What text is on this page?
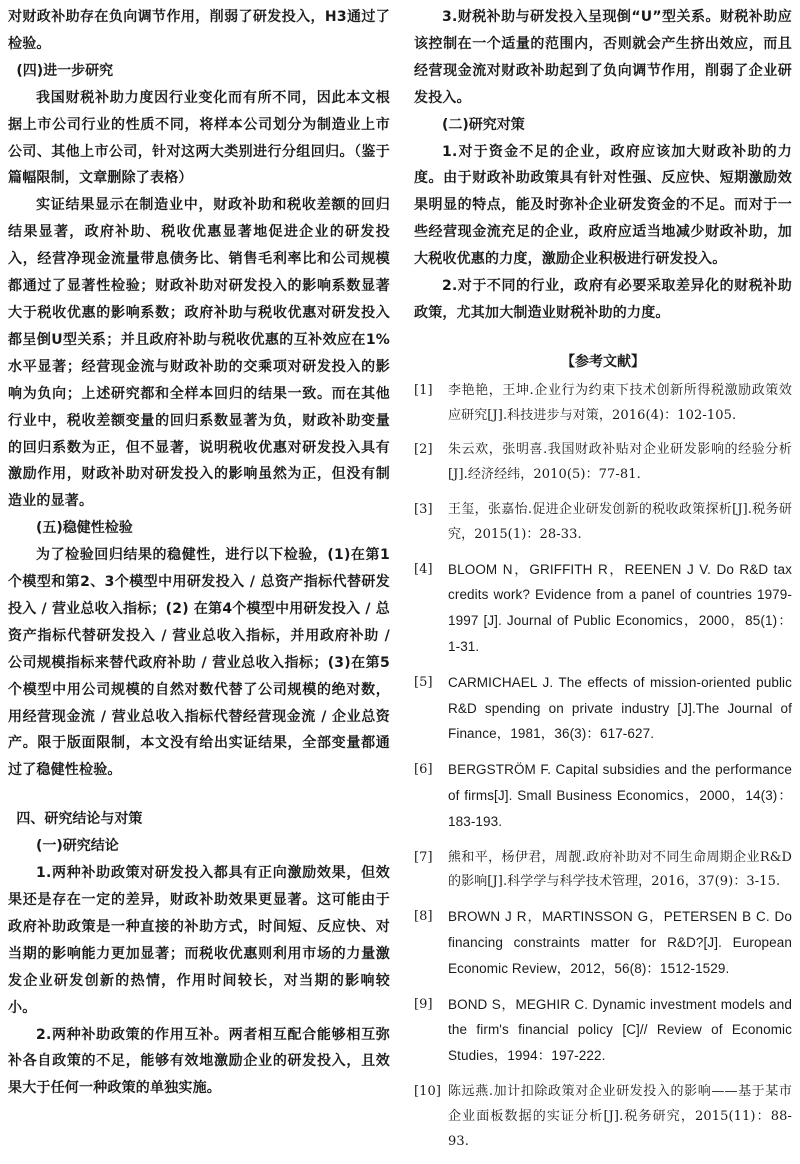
对财政补助存在负向调节作用，削弱了研发投入，H3通过了检验。

(四)进一步研究

我国财税补助力度因行业变化而有所不同，因此本文根据上市公司行业的性质不同，将样本公司划分为制造业上市公司、其他上市公司，针对这两大类别进行分组回归。（鉴于篇幅限制，文章删除了表格）

实证结果显示在制造业中，财政补助和税收差额的回归结果显著，政府补助、税收优惠显著地促进企业的研发投入，经营净现金流量带息债务比、销售毛利率比和公司规模都通过了显著性检验；财政补助对研发投入的影响系数显著大于税收优惠的影响系数；政府补助与税收优惠对研发投入都呈倒U型关系；并且政府补助与税收优惠的互补效应在1%水平显著；经营现金流与财政补助的交乘项对研发投入的影响为负向；上述研究都和全样本回归的结果一致。而在其他行业中，税收差额变量的回归系数显著为负，财政补助变量的回归系数为正，但不显著，说明税收优惠对研发投入具有激励作用，财政补助对研发投入的影响虽然为正，但没有制造业的显著。

(五)稳健性检验

为了检验回归结果的稳健性，进行以下检验，(1)在第1个模型和第2、3个模型中用研发投入 / 总资产指标代替研发投入 / 营业总收入指标；(2) 在第4个模型中用研发投入 / 总资产指标代替研发投入 / 营业总收入指标，并用政府补助 / 公司规模指标来替代政府补助 / 营业总收入指标；(3)在第5个模型中用公司规模的自然对数代替了公司规模的绝对数，用经营现金流 / 营业总收入指标代替经营现金流 / 企业总资产。限于版面限制，本文没有给出实证结果，全部变量都通过了稳健性检验。

四、研究结论与对策

(一)研究结论

1.两种补助政策对研发投入都具有正向激励效果，但效果还是存在一定的差异，财政补助效果更显著。这可能由于政府补助政策是一种直接的补助方式，时间短、反应快、对当期的影响能力更加显著；而税收优惠则利用市场的力量激发企业研发创新的热情，作用时间较长，对当期的影响较小。

2.两种补助政策的作用互补。两者相互配合能够相互弥补各自政策的不足，能够有效地激励企业的研发投入，且效果大于任何一种政策的单独实施。

3.财税补助与研发投入呈现倒“U”型关系。财税补助应该控制在一个适量的范围内，否则就会产生挤出效应，而且经营现金流对财政补助起到了负向调节作用，削弱了企业研发投入。

(二)研究对策

1.对于资金不足的企业，政府应该加大财政补助的力度。由于财政补助政策具有针对性强、反应快、短期激励效果明显的特点，能及时弥补企业研发资金的不足。而对于一些经营现金流充足的企业，政府应适当地减少财政补助，加大税收优惠的力度，激励企业积极进行研发投入。

2.对于不同的行业，政府有必要采取差异化的财税补助政策，尤其加大制造业财税补助的力度。

【参考文献】

[1] 李艳艳，王坤.企业行为约束下技术创新所得税激励政策效应研究[J].科技进步与对策，2016(4)：102-105.
[2] 朱云欢，张明喜.我国财政补贴对企业研发影响的经验分析[J].经济经纬，2010(5)：77-81.
[3] 王玺，张嘉怡.促进企业研发创新的税收政策探析[J].税务研究，2015(1)：28-33.
[4] BLOOM N，GRIFFITH R，REENEN J V. Do R&D tax credits work? Evidence from a panel of countries 1979-1997 [J]. Journal of Public Economics，2000，85(1)：1-31.
[5] CARMICHAEL J. The effects of mission-oriented public R&D spending on private industry [J].The Journal of Finance，1981，36(3)：617-627.
[6] BERGSTRÖM F. Capital subsidies and the performance of firms[J]. Small Business Economics，2000，14(3)：183-193.
[7] 熊和平，杨伊君，周靓.政府补助对不同生命周期企业R&D的影响[J].科学学与科学技术管理，2016，37(9)：3-15.
[8] BROWN J R，MARTINSSON G，PETERSEN B C. Do financing constraints matter for R&D?[J]. European Economic Review，2012，56(8)：1512-1529.
[9] BOND S，MEGHIR C. Dynamic investment models and the firm's financial policy [C]// Review of Economic Studies，1994：197-222.
[10] 陈远燕.加计扣除政策对企业研发投入的影响——基于某市企业面板数据的实证分析[J].税务研究，2015(11)：88-93.
